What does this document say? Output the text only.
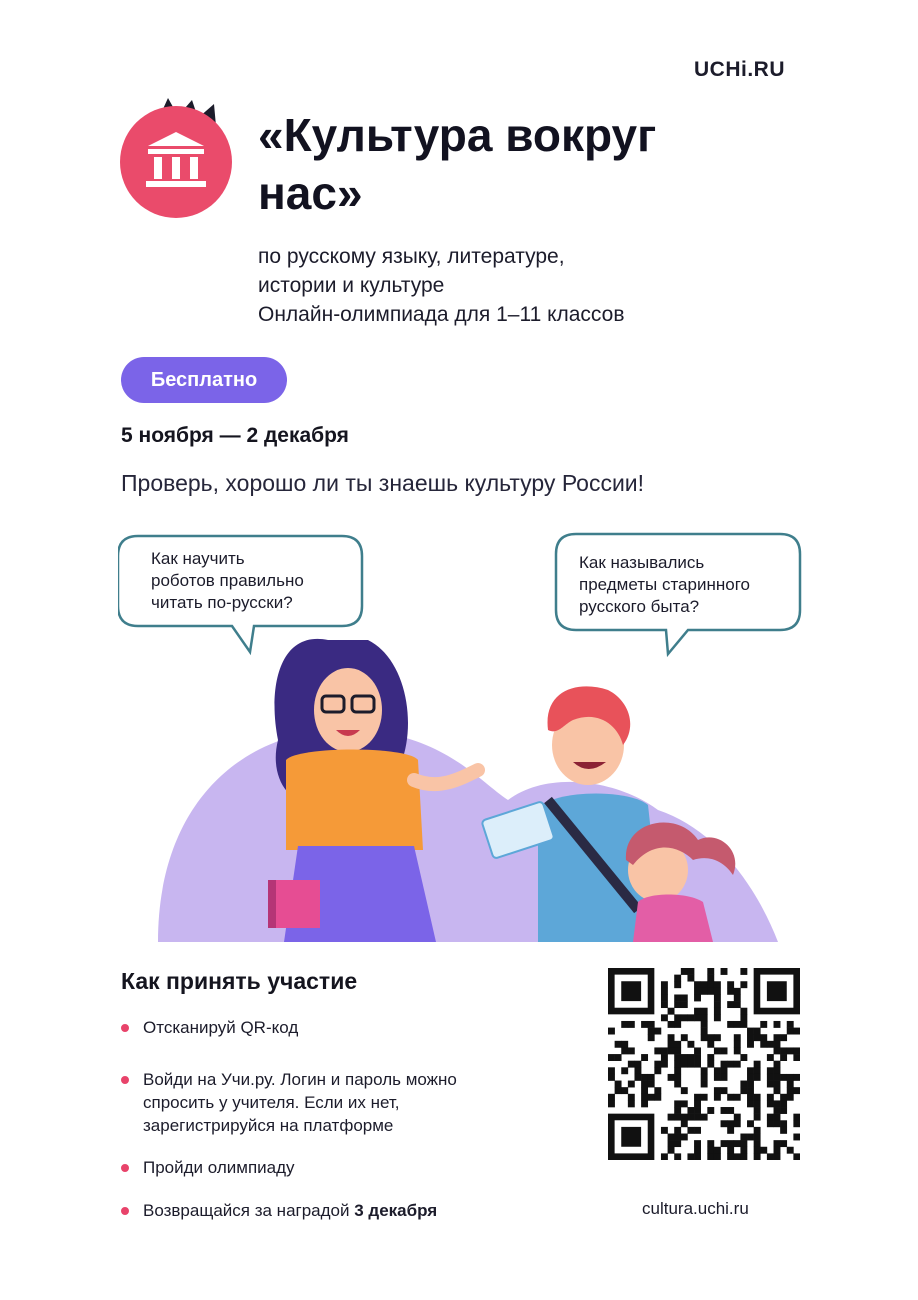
UCHi.RU
«Культура вокруг
нас»
по русскому языку, литературе,
истории и культуре
Онлайн-олимпиада для 1–11 классов
Бесплатно
5 ноября — 2 декабря
Проверь, хорошо ли ты знаешь культуру России!
Как научить
роботов правильно
читать по-русски?
Как назывались
предметы старинного
русского быта?
Как принять участие
Отсканируй QR-код
Войди на Учи.ру. Логин и пароль можно
спросить у учителя. Если их нет,
зарегистрируйся на платформе
Пройди олимпиаду
Возвращайся за наградой 3 декабря	cultura.uchi.ru
